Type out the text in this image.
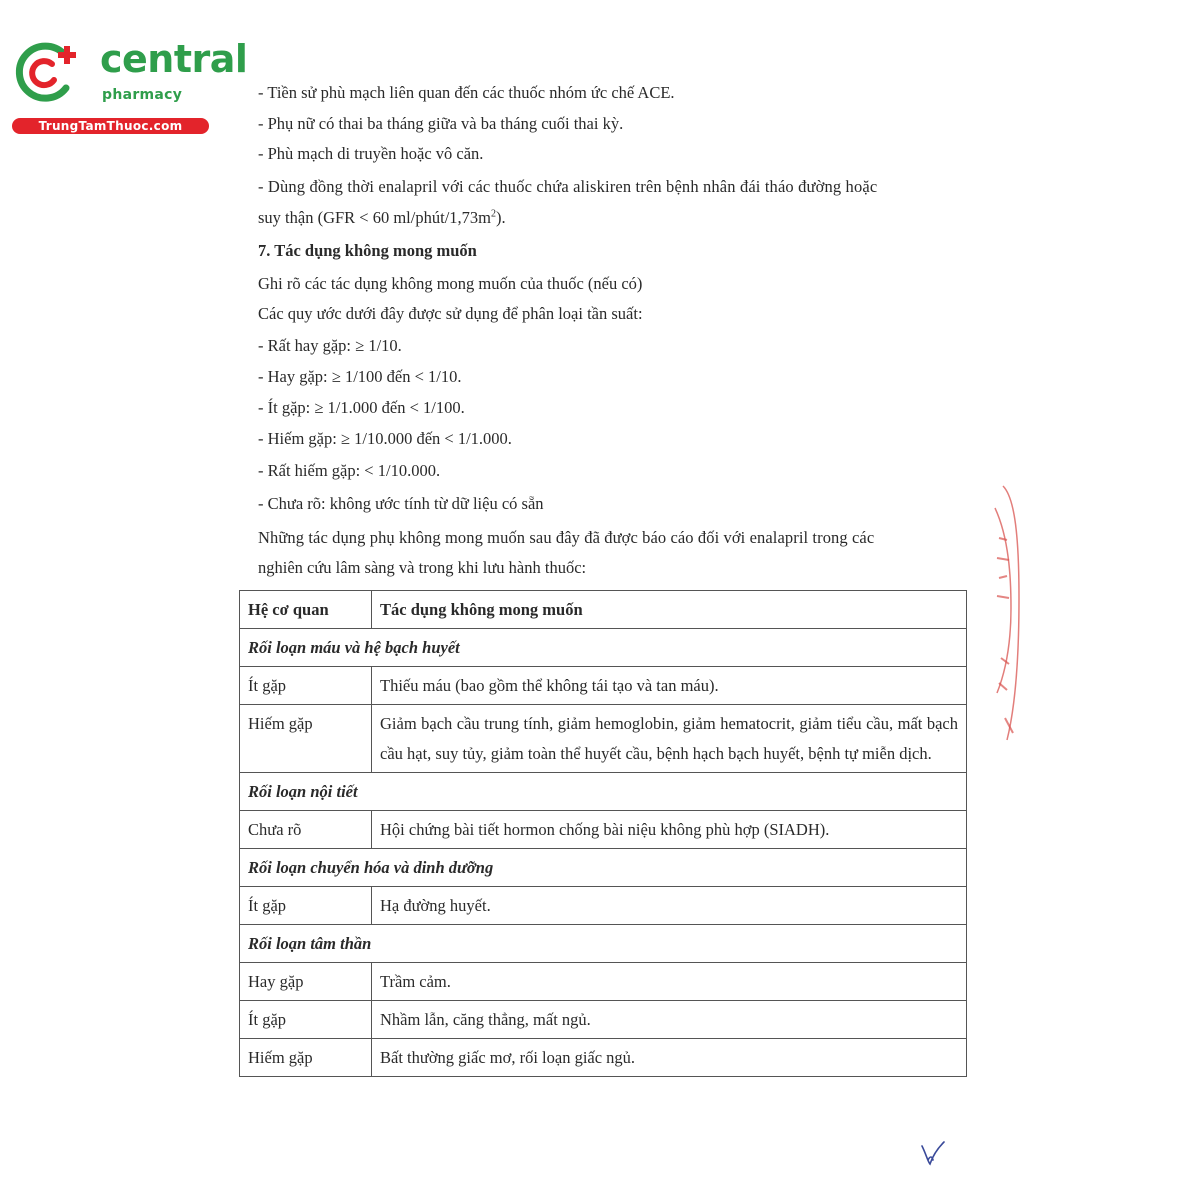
central
pharmacy
TrungTamThuoc.com
- Tiền sử phù mạch liên quan đến các thuốc nhóm ức chế ACE.
- Phụ nữ có thai ba tháng giữa và ba tháng cuối thai kỳ.
- Phù mạch di truyền hoặc vô căn.
- Dùng đồng thời enalapril với các thuốc chứa aliskiren trên bệnh nhân đái tháo đường hoặc
suy thận (GFR < 60 $ml/phút/1,73m^2$).
7. Tác dụng không mong muốn
Ghi rõ các tác dụng không mong muốn của thuốc (nếu có)
Các quy ước dưới đây được sử dụng để phân loại tần suất:
- Rất hay gặp: ≥ 1/10.
- Hay gặp: ≥ 1/100 đến < 1/10.
- Ít gặp: ≥ 1/1.000 đến < 1/100.
- Hiếm gặp: ≥ 1/10.000 đến < 1/1.000.
- Rất hiếm gặp: < 1/10.000.
- Chưa rõ: không ước tính từ dữ liệu có sẵn
Những tác dụng phụ không mong muốn sau đây đã được báo cáo đối với enalapril trong các
nghiên cứu lâm sàng và trong khi lưu hành thuốc:
Hệ cơ quan	Tác dụng không mong muốn
Rối loạn máu và hệ bạch huyết	
Ít gặp	Thiếu máu (bao gồm thể không tái tạo và tan máu).
Hiếm gặp	Giảm bạch cầu trung tính, giảm hemoglobin, giảm hematocrit, giảm tiểu cầu, mất bạch cầu hạt, suy tủy, giảm toàn thể huyết cầu, bệnh hạch bạch huyết, bệnh tự miễn dịch.
Rối loạn nội tiết	
Chưa rõ	Hội chứng bài tiết hormon chống bài niệu không phù hợp (SIADH).
Rối loạn chuyển hóa và dinh dưỡng	
Ít gặp	Hạ đường huyết.
Rối loạn tâm thần	
Hay gặp	Trầm cảm.
Ít gặp	Nhầm lẫn, căng thẳng, mất ngủ.
Hiếm gặp	Bất thường giấc mơ, rối loạn giấc ngủ.
